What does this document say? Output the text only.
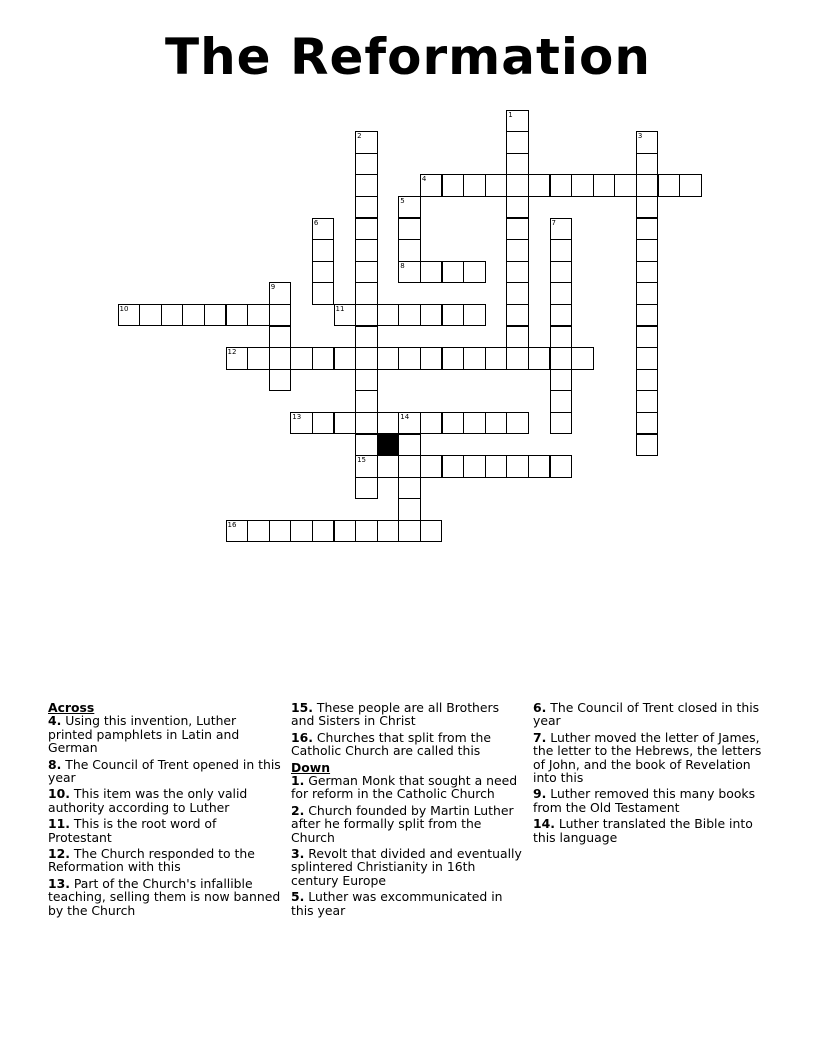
The Reformation
4
8
10	11
12
13	14
15
16
1
2	3
5
6	7
9
Across
4. Using this invention, Luther printed pamphlets in Latin and German
8. The Council of Trent opened in this year
10. This item was the only valid authority according to Luther
11. This is the root word of Protestant
12. The Church responded to the Reformation with this
13. Part of the Church's infallible teaching, selling them is now banned by the Church
15. These people are all Brothers and Sisters in Christ
16. Churches that split from the Catholic Church are called this
Down
1. German Monk that sought a need for reform in the Catholic Church
2. Church founded by Martin Luther after he formally split from the Church
3. Revolt that divided and eventually splintered Christianity in 16th century Europe
5. Luther was excommunicated in this year
6. The Council of Trent closed in this year
7. Luther moved the letter of James, the letter to the Hebrews, the letters of John, and the book of Revelation into this
9. Luther removed this many books from the Old Testament
14. Luther translated the Bible into this language
